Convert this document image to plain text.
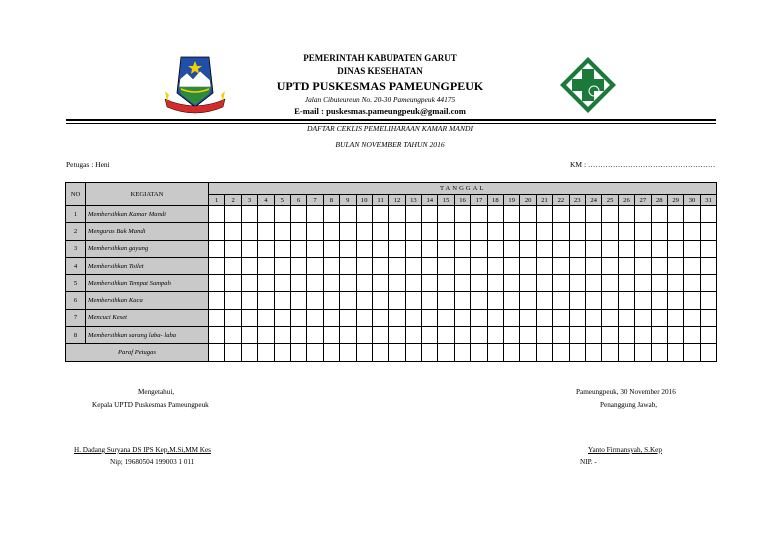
PEMERINTAH KABUPATEN GARUT
DINAS KESEHATAN
UPTD PUSKESMAS PAMEUNGPEUK
Jalan Cibuteureun No. 20-30 Pameungpeuk 44175
E-mail : puskesmas.pameungpeuk@gmail.com
DAFTAR CEKLIS PEMELIHARAAN KAMAR MANDI
BULAN NOVEMBER TAHUN 2016
Petugas : Heni	KM : ……………………………………………
NO	KEGIATAN	TANGGAL																														
		1	2	3	4	5	6	7	8	9	10	11	12	13	14	15	16	17	18	19	20	21	22	23	24	25	26	27	28	29	30	31
1	Membersihkan Kamar Mandi																															
2	Menguras Bak Mandi																															
3	Membersihkan gayung																															
4	Membersihkan Toilet																															
5	Membersihkan Tempat Sampah																															
6	Membersihkan Kaca																															
7	Mencuci Keset																															
8	Membersihkan sarang laba- laba																															
Paraf Petugas																																
Mengetahui,
Kepala UPTD Puskesmas Pameungpeuk
H. Dadang Suryana DS IPS Kep,M.Si,MM Kes
Nip; 19680504 199003 1 011
Pameungpeuk, 30 November 2016
Penanggung Jawab,
Yanto Firmansyah, S.Kep
NIP. -
